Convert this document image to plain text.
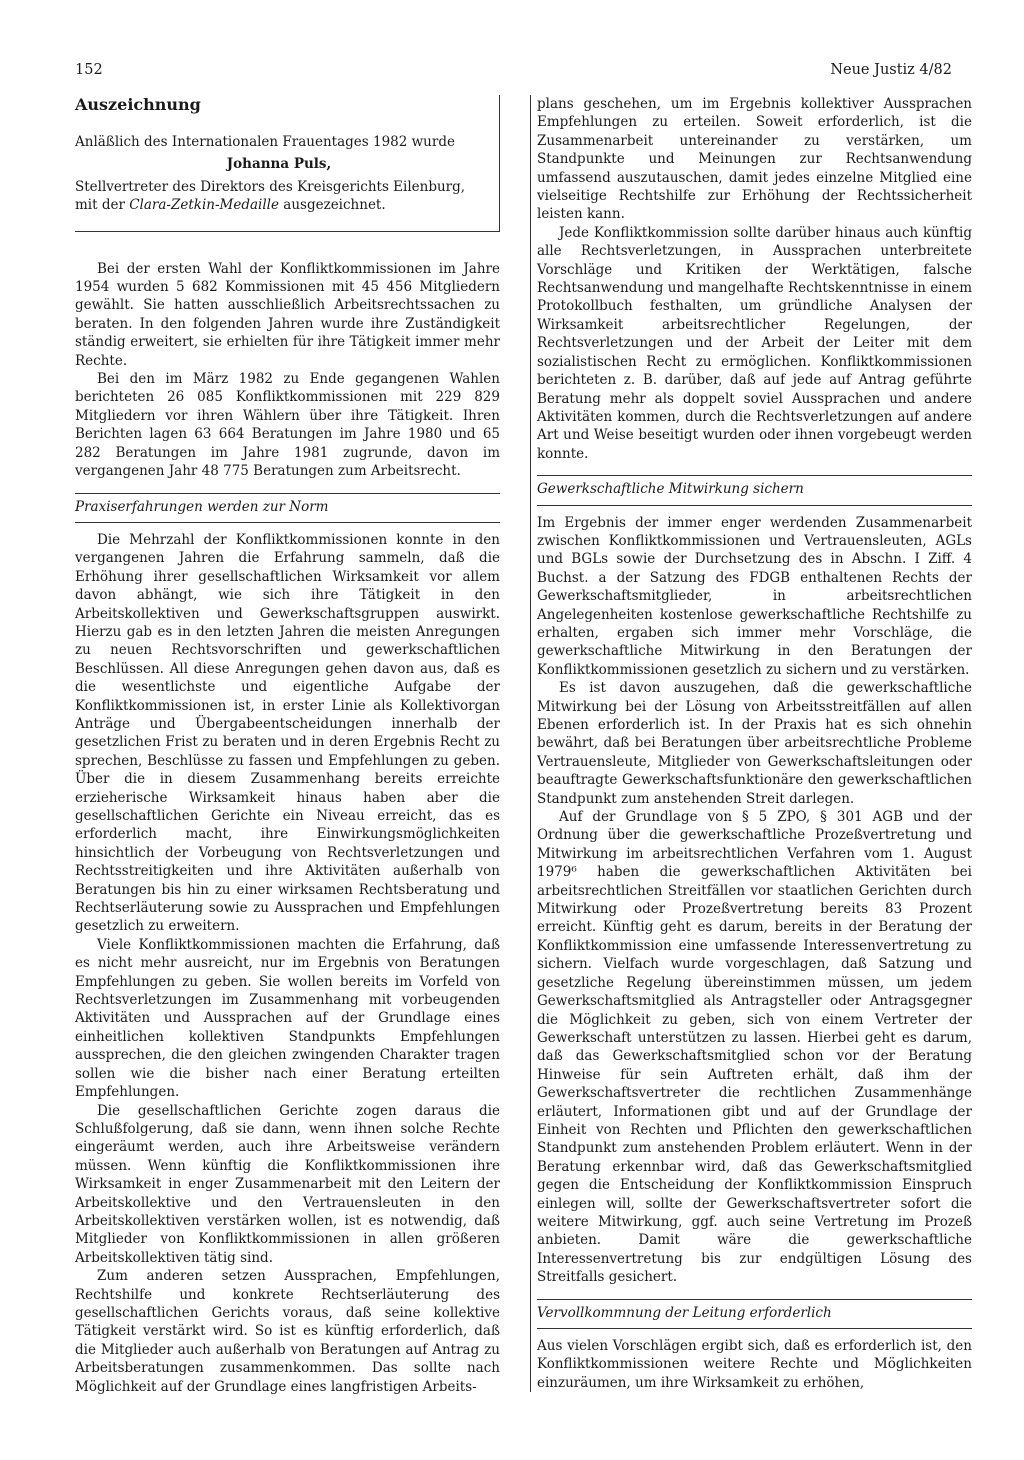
152	Neue Justiz 4/82
Auszeichnung

Anläßlich des Internationalen Frauentages 1982 wurde

Johanna Puls,

Stellvertreter des Direktors des Kreisgerichts Eilenburg, mit der Clara-Zetkin-Medaille ausgezeichnet.

Bei der ersten Wahl der Konfliktkommissionen im Jahre 1954 wurden 5 682 Kommissionen mit 45 456 Mitgliedern gewählt. Sie hatten ausschließlich Arbeitsrechtssachen zu beraten. In den folgenden Jahren wurde ihre Zuständigkeit ständig erweitert, sie erhielten für ihre Tätigkeit immer mehr Rechte.

Bei den im März 1982 zu Ende gegangenen Wahlen berichteten 26 085 Konfliktkommissionen mit 229 829 Mitgliedern vor ihren Wählern über ihre Tätigkeit. Ihren Berichten lagen 63 664 Beratungen im Jahre 1980 und 65 282 Beratungen im Jahre 1981 zugrunde, davon im vergangenen Jahr 48 775 Beratungen zum Arbeitsrecht.

Praxiserfahrungen werden zur Norm

Die Mehrzahl der Konfliktkommissionen konnte in den vergangenen Jahren die Erfahrung sammeln, daß die Erhöhung ihrer gesellschaftlichen Wirksamkeit vor allem davon abhängt, wie sich ihre Tätigkeit in den Arbeitskollektiven und Gewerkschaftsgruppen auswirkt. Hierzu gab es in den letzten Jahren die meisten Anregungen zu neuen Rechtsvorschriften und gewerkschaftlichen Beschlüssen. All diese Anregungen gehen davon aus, daß es die wesentlichste und eigentliche Aufgabe der Konfliktkommissionen ist, in erster Linie als Kollektivorgan Anträge und Übergabeentscheidungen innerhalb der gesetzlichen Frist zu beraten und in deren Ergebnis Recht zu sprechen, Beschlüsse zu fassen und Empfehlungen zu geben. Über die in diesem Zusammenhang bereits erreichte erzieherische Wirksamkeit hinaus haben aber die gesellschaftlichen Gerichte ein Niveau erreicht, das es erforderlich macht, ihre Einwirkungsmöglichkeiten hinsichtlich der Vorbeugung von Rechtsverletzungen und Rechtsstreitigkeiten und ihre Aktivitäten außerhalb von Beratungen bis hin zu einer wirksamen Rechtsberatung und Rechtserläuterung sowie zu Aussprachen und Empfehlungen gesetzlich zu erweitern.

Viele Konfliktkommissionen machten die Erfahrung, daß es nicht mehr ausreicht, nur im Ergebnis von Beratungen Empfehlungen zu geben. Sie wollen bereits im Vorfeld von Rechtsverletzungen im Zusammenhang mit vorbeugenden Aktivitäten und Aussprachen auf der Grundlage eines einheitlichen kollektiven Standpunkts Empfehlungen aussprechen, die den gleichen zwingenden Charakter tragen sollen wie die bisher nach einer Beratung erteilten Empfehlungen.

Die gesellschaftlichen Gerichte zogen daraus die Schlußfolgerung, daß sie dann, wenn ihnen solche Rechte eingeräumt werden, auch ihre Arbeitsweise verändern müssen. Wenn künftig die Konfliktkommissionen ihre Wirksamkeit in enger Zusammenarbeit mit den Leitern der Arbeitskollektive und den Vertrauensleuten in den Arbeitskollektiven verstärken wollen, ist es notwendig, daß Mitglieder von Konfliktkommissionen in allen größeren Arbeitskollektiven tätig sind.

Zum anderen setzen Aussprachen, Empfehlungen, Rechtshilfe und konkrete Rechtserläuterung des gesellschaftlichen Gerichts voraus, daß seine kollektive Tätigkeit verstärkt wird. So ist es künftig erforderlich, daß die Mitglieder auch außerhalb von Beratungen auf Antrag zu Arbeitsberatungen zusammenkommen. Das sollte nach Möglichkeit auf der Grundlage eines langfristigen Arbeits-

plans geschehen, um im Ergebnis kollektiver Aussprachen Empfehlungen zu erteilen. Soweit erforderlich, ist die Zusammenarbeit untereinander zu verstärken, um Standpunkte und Meinungen zur Rechtsanwendung umfassend auszutauschen, damit jedes einzelne Mitglied eine vielseitige Rechtshilfe zur Erhöhung der Rechtssicherheit leisten kann.

Jede Konfliktkommission sollte darüber hinaus auch künftig alle Rechtsverletzungen, in Aussprachen unterbreitete Vorschläge und Kritiken der Werktätigen, falsche Rechtsanwendung und mangelhafte Rechtskenntnisse in einem Protokollbuch festhalten, um gründliche Analysen der Wirksamkeit arbeitsrechtlicher Regelungen, der Rechtsverletzungen und der Arbeit der Leiter mit dem sozialistischen Recht zu ermöglichen. Konfliktkommissionen berichteten z. B. darüber, daß auf jede auf Antrag geführte Beratung mehr als doppelt soviel Aussprachen und andere Aktivitäten kommen, durch die Rechtsverletzungen auf andere Art und Weise beseitigt wurden oder ihnen vorgebeugt werden konnte.

Gewerkschaftliche Mitwirkung sichern

Im Ergebnis der immer enger werdenden Zusammenarbeit zwischen Konfliktkommissionen und Vertrauensleuten, AGLs und BGLs sowie der Durchsetzung des in Abschn. I Ziff. 4 Buchst. a der Satzung des FDGB enthaltenen Rechts der Gewerkschaftsmitglieder, in arbeitsrechtlichen Angelegenheiten kostenlose gewerkschaftliche Rechtshilfe zu erhalten, ergaben sich immer mehr Vorschläge, die gewerkschaftliche Mitwirkung in den Beratungen der Konfliktkommissionen gesetzlich zu sichern und zu verstärken.

Es ist davon auszugehen, daß die gewerkschaftliche Mitwirkung bei der Lösung von Arbeitsstreitfällen auf allen Ebenen erforderlich ist. In der Praxis hat es sich ohnehin bewährt, daß bei Beratungen über arbeitsrechtliche Probleme Vertrauensleute, Mitglieder von Gewerkschaftsleitungen oder beauftragte Gewerkschaftsfunktionäre den gewerkschaftlichen Standpunkt zum anstehenden Streit darlegen.

Auf der Grundlage von § 5 ZPO, § 301 AGB und der Ordnung über die gewerkschaftliche Prozeßvertretung und Mitwirkung im arbeitsrechtlichen Verfahren vom 1. August 1979⁶ haben die gewerkschaftlichen Aktivitäten bei arbeitsrechtlichen Streitfällen vor staatlichen Gerichten durch Mitwirkung oder Prozeßvertretung bereits 83 Prozent erreicht. Künftig geht es darum, bereits in der Beratung der Konfliktkommission eine umfassende Interessenvertretung zu sichern. Vielfach wurde vorgeschlagen, daß Satzung und gesetzliche Regelung übereinstimmen müssen, um jedem Gewerkschaftsmitglied als Antragsteller oder Antragsgegner die Möglichkeit zu geben, sich von einem Vertreter der Gewerkschaft unterstützen zu lassen. Hierbei geht es darum, daß das Gewerkschaftsmitglied schon vor der Beratung Hinweise für sein Auftreten erhält, daß ihm der Gewerkschaftsvertreter die rechtlichen Zusammenhänge erläutert, Informationen gibt und auf der Grundlage der Einheit von Rechten und Pflichten den gewerkschaftlichen Standpunkt zum anstehenden Problem erläutert. Wenn in der Beratung erkennbar wird, daß das Gewerkschaftsmitglied gegen die Entscheidung der Konfliktkommission Einspruch einlegen will, sollte der Gewerkschaftsvertreter sofort die weitere Mitwirkung, ggf. auch seine Vertretung im Prozeß anbieten. Damit wäre die gewerkschaftliche Interessenvertretung bis zur endgültigen Lösung des Streitfalls gesichert.

Vervollkommnung der Leitung erforderlich

Aus vielen Vorschlägen ergibt sich, daß es erforderlich ist, den Konfliktkommissionen weitere Rechte und Möglichkeiten einzuräumen, um ihre Wirksamkeit zu erhöhen,
